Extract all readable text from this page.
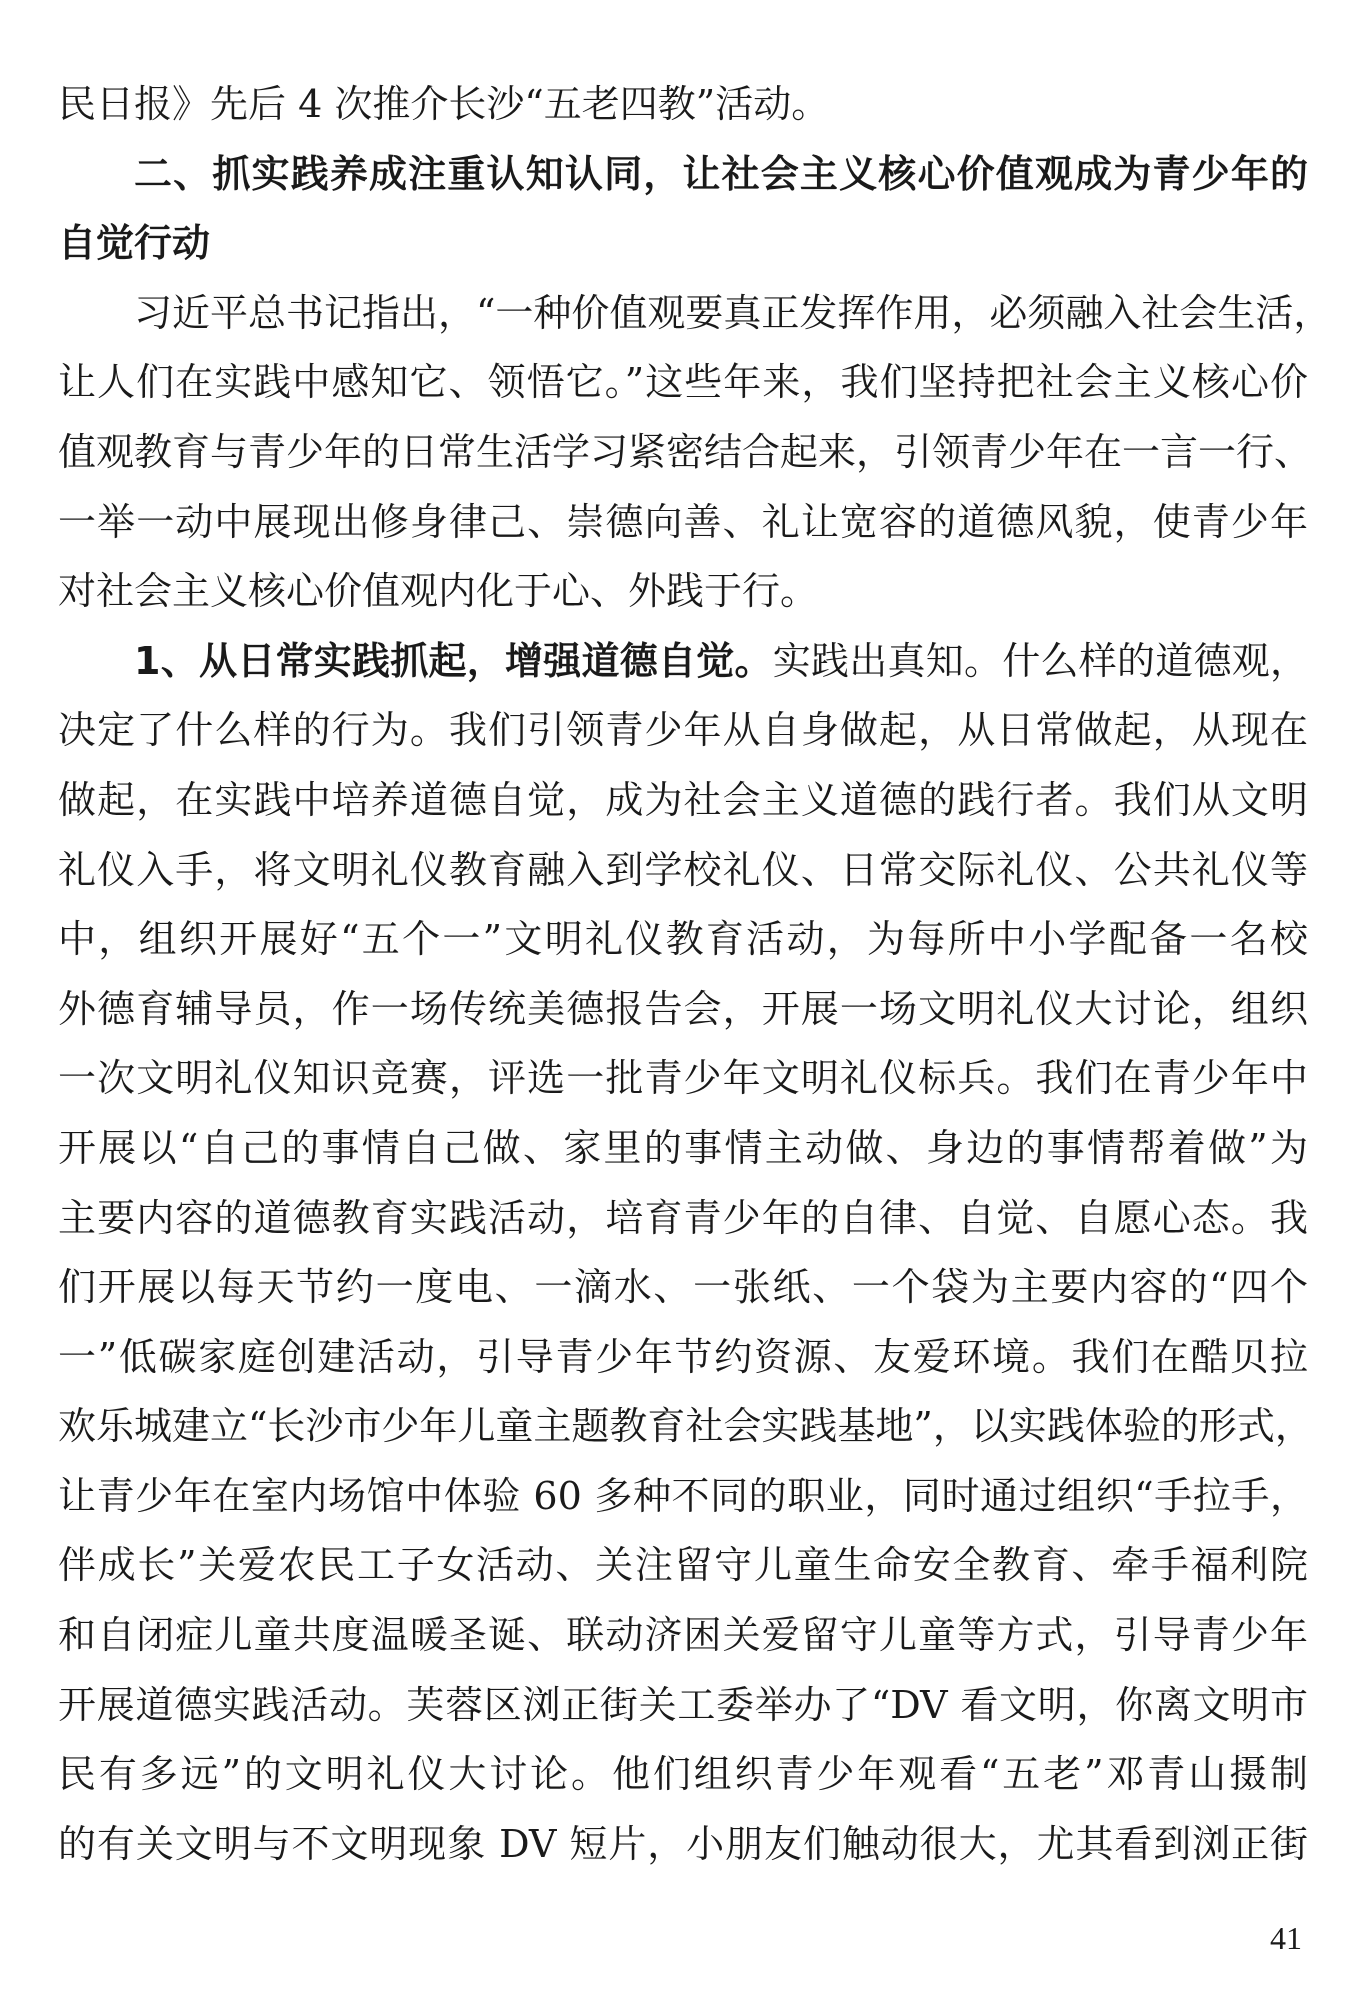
民日报》先后 4 次推介长沙“五老四教”活动。
二、抓实践养成注重认知认同，让社会主义核心价值观成为青少年的
自觉行动
习近平总书记指出，“一种价值观要真正发挥作用，必须融入社会生活，
让人们在实践中感知它、领悟它。”这些年来，我们坚持把社会主义核心价
值观教育与青少年的日常生活学习紧密结合起来，引领青少年在一言一行、
一举一动中展现出修身律己、崇德向善、礼让宽容的道德风貌，使青少年
对社会主义核心价值观内化于心、外践于行。
1、从日常实践抓起，增强道德自觉。实践出真知。什么样的道德观，
决定了什么样的行为。我们引领青少年从自身做起，从日常做起，从现在
做起，在实践中培养道德自觉，成为社会主义道德的践行者。我们从文明
礼仪入手，将文明礼仪教育融入到学校礼仪、日常交际礼仪、公共礼仪等
中，组织开展好“五个一”文明礼仪教育活动，为每所中小学配备一名校
外德育辅导员，作一场传统美德报告会，开展一场文明礼仪大讨论，组织
一次文明礼仪知识竞赛，评选一批青少年文明礼仪标兵。我们在青少年中
开展以“自己的事情自己做、家里的事情主动做、身边的事情帮着做”为
主要内容的道德教育实践活动，培育青少年的自律、自觉、自愿心态。我
们开展以每天节约一度电、一滴水、一张纸、一个袋为主要内容的“四个
一”低碳家庭创建活动，引导青少年节约资源、友爱环境。我们在酷贝拉
欢乐城建立“长沙市少年儿童主题教育社会实践基地”，以实践体验的形式，
让青少年在室内场馆中体验 60 多种不同的职业，同时通过组织“手拉手，
伴成长”关爱农民工子女活动、关注留守儿童生命安全教育、牵手福利院
和自闭症儿童共度温暖圣诞、联动济困关爱留守儿童等方式，引导青少年
开展道德实践活动。芙蓉区浏正街关工委举办了“DV 看文明，你离文明市
民有多远”的文明礼仪大讨论。他们组织青少年观看“五老”邓青山摄制
的有关文明与不文明现象 DV 短片，小朋友们触动很大，尤其看到浏正街
41
